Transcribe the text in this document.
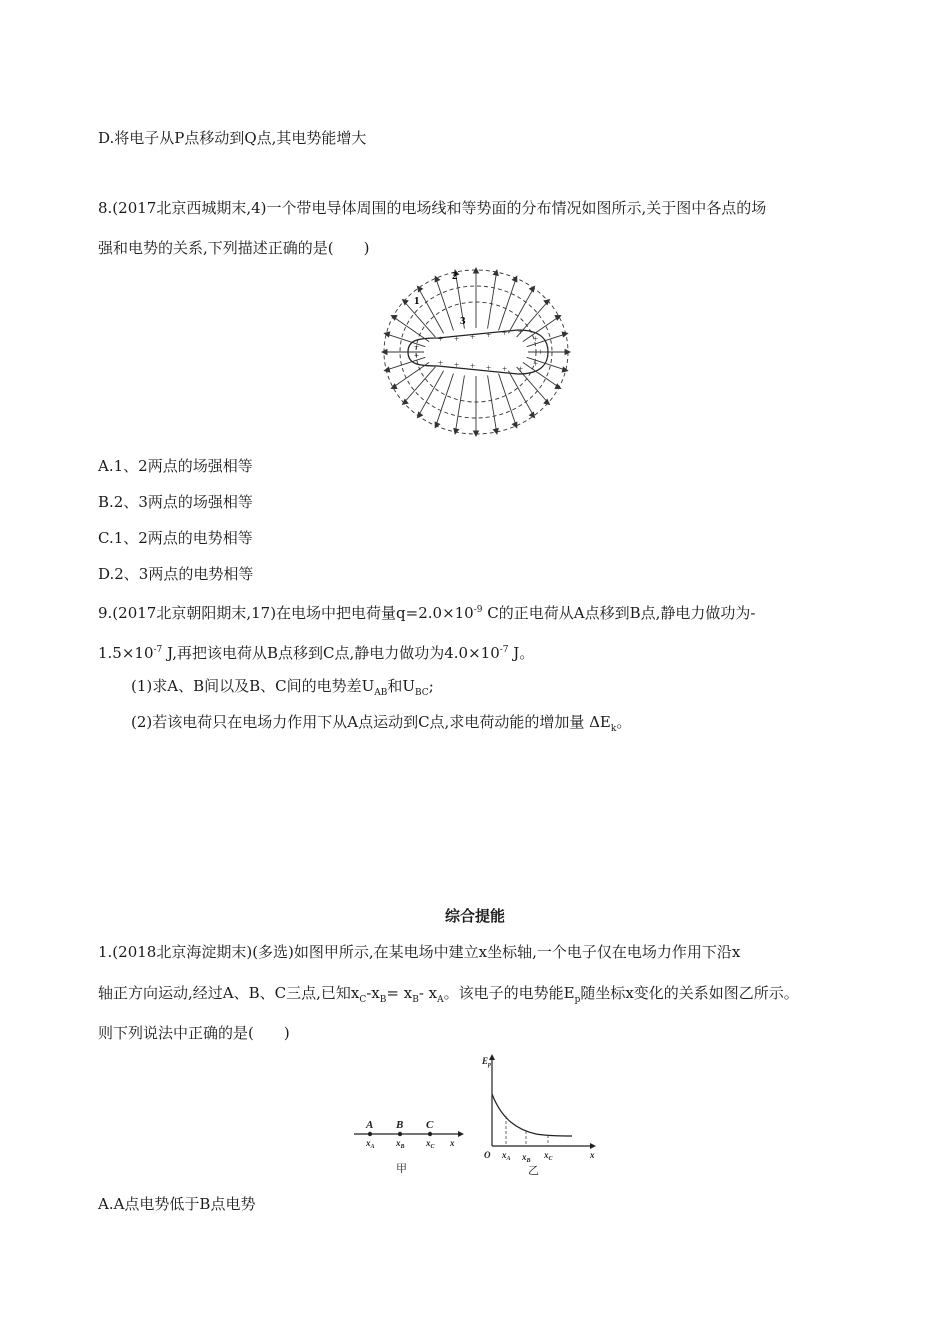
D.将电子从P点移动到Q点,其电势能增大
8.(2017北京西城期末,4)一个带电导体周围的电场线和等势面的分布情况如图所示,关于图中各点的场
强和电势的关系,下列描述正确的是(　　)
+ + + + + +
+ + + + + +
+
+
+
+
+
1
2
3
A.1、2两点的场强相等
B.2、3两点的场强相等
C.1、2两点的电势相等
D.2、3两点的电势相等
9.(2017北京朝阳期末,17)在电场中把电荷量$q=2.0\times 10^{-9}$ C的正电荷从A点移到B点,静电力做功为-
$1.5\times 10^{-7}$ J,再把该电荷从B点移到C点,静电力做功为$4.0\times 10^{-7}$ J。
(1)求A、B间以及B、C间的电势差$U_{AB}$和$U_{BC}$;
(2)若该电荷只在电场力作用下从A点运动到C点,求电荷动能的增加量 $\Delta E_k$。
综合提能
1.(2018北京海淀期末)(多选)如图甲所示,在某电场中建立x坐标轴,一个电子仅在电场力作用下沿x
轴正方向运动,经过A、B、C三点,已知$x_C-x_B= x_B-$ $x_A$。该电子的电势能$E_p$随坐标x变化的关系如图乙所示。
则下列说法中正确的是(　　)
A B C
$x_A$ $x_B$ $x_C$ x
甲
$E_p$
O $x_A$ $x_B$
$x_C$	x
乙
A.A点电势低于B点电势
